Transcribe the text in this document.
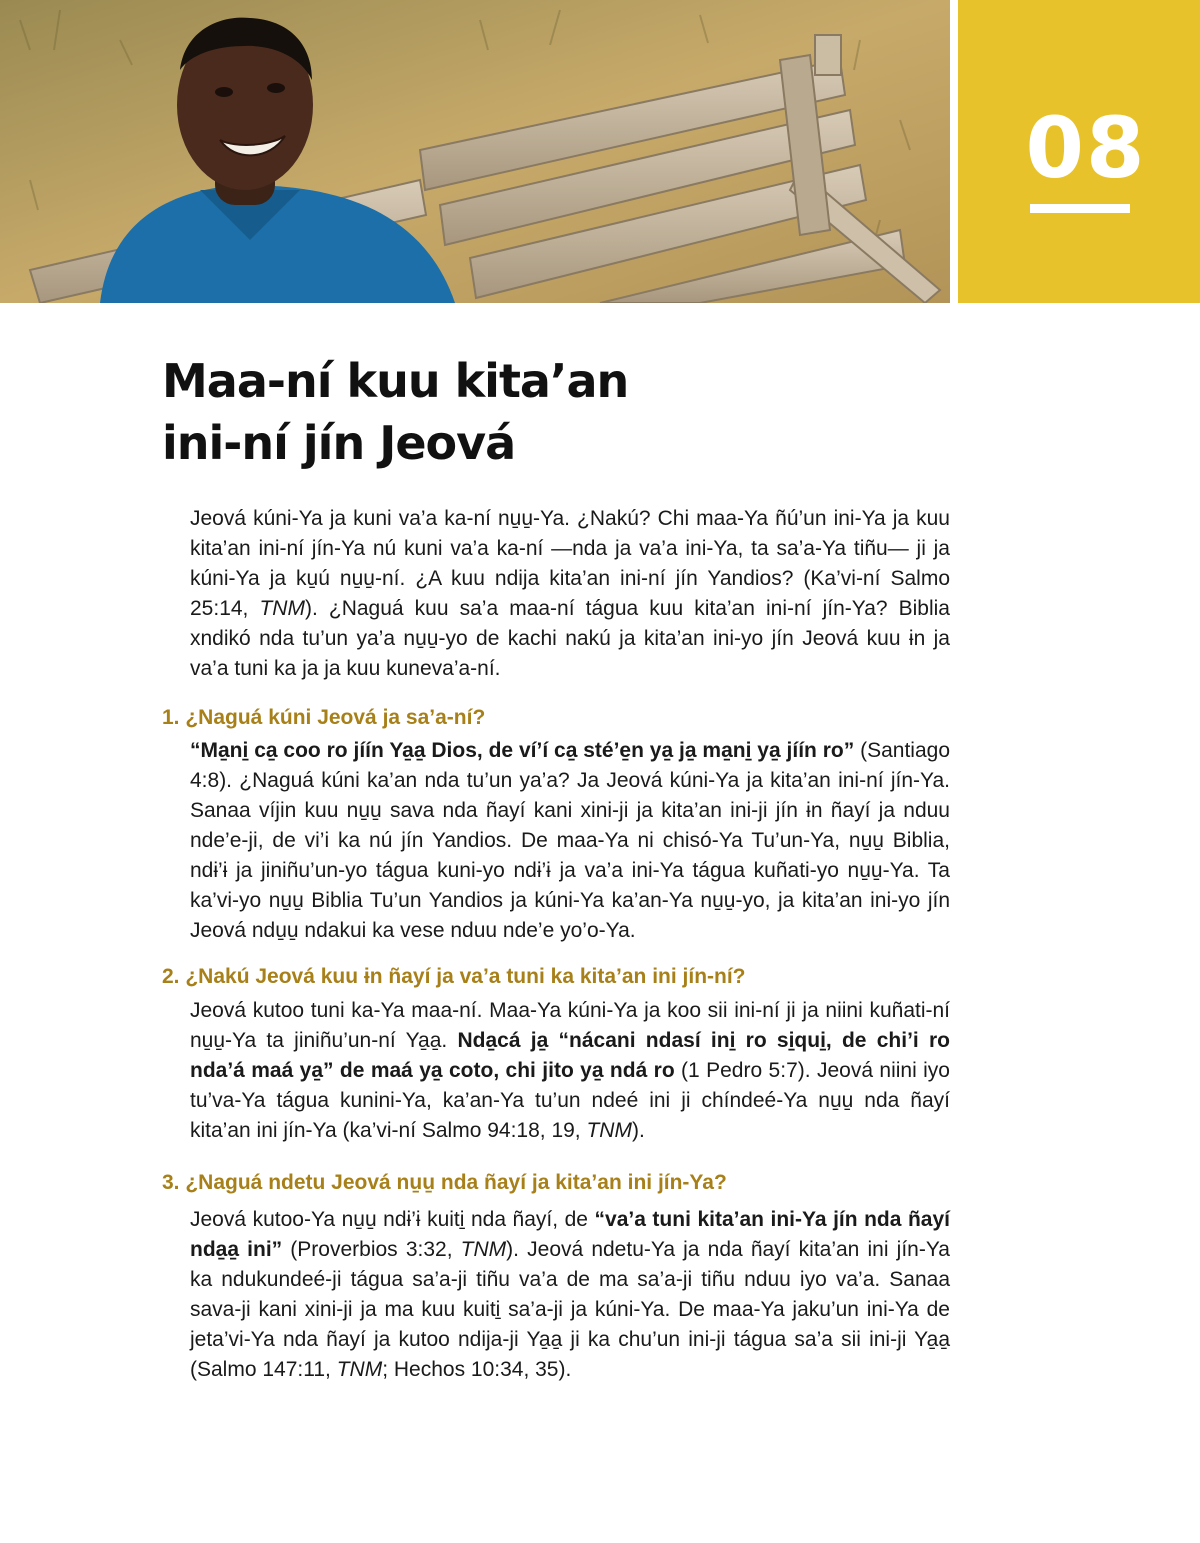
08
Maa-ní kuu kita’an
ini-ní jín Jeová

Jeová kúni-Ya ja kuni va’a ka-ní nu̱u̱-Ya. ¿Nakú? Chi maa-Ya ñú’un ini-Ya ja kuu kita’an ini-ní jín-Ya nú kuni va’a ka-ní —nda ja va’a ini-Ya, ta sa’a-Ya tiñu— ji ja kúni-Ya ja ku̱ú nu̱u̱-ní. ¿A kuu ndija kita’an ini-ní jín Yandios? (Ka’vi-ní Salmo 25:14, TNM). ¿Naguá kuu sa’a maa-ní tágua kuu kita’an ini-ní jín-Ya? Biblia xndikó nda tu’un ya’a nu̱u̱-yo de kachi nakú ja kita’an ini-yo jín Jeová kuu ɨn ja va’a tuni ka ja ja kuu kuneva’a-ní.

1. ¿Naguá kúni Jeová ja sa’a-ní?

“Ma̱ni̱ ca̱ coo ro jíín Ya̱a̱ Dios, de ví’í ca̱ sté’e̱n ya̱ ja̱ ma̱ni̱ ya̱ jíín ro” (Santiago 4:8). ¿Naguá kúni ka’an nda tu’un ya’a? Ja Jeová kúni-Ya ja kita’an ini-ní jín-Ya. Sanaa víjin kuu nu̱u̱ sava nda ñayí kani xini-ji ja kita’an ini-ji jín ɨn ñayí ja nduu nde’e-ji, de vi’i ka nú jín Yandios. De maa-Ya ni chisó-Ya Tu’un-Ya, nu̱u̱ Biblia, ndɨ’ɨ ja jiniñu’un-yo tágua kuni-yo ndɨ’ɨ ja va’a ini-Ya tágua kuñati-yo nu̱u̱-Ya. Ta ka’vi-yo nu̱u̱ Biblia Tu’un Yandios ja kúni-Ya ka’an-Ya nu̱u̱-yo, ja kita’an ini-yo jín Jeová ndu̱u̱ ndakui ka vese nduu nde’e yo’o-Ya.

2. ¿Nakú Jeová kuu ɨn ñayí ja va’a tuni ka kita’an ini jín-ní?

Jeová kutoo tuni ka-Ya maa-ní. Maa-Ya kúni-Ya ja koo sii ini-ní ji ja niini kuñati-ní nu̱u̱-Ya ta jiniñu’un-ní Ya̱a̱. Nda̱cá ja̱ “nácani ndasí ini̱ ro si̱qui̱, de chi’i ro nda’á maá ya̱” de maá ya̱ coto, chi jito ya̱ ndá ro (1 Pedro 5:7). Jeová niini iyo tu’va-Ya tágua kunini-Ya, ka’an-Ya tu’un ndeé ini ji chíndeé-Ya nu̱u̱ nda ñayí kita’an ini jín-Ya (ka’vi-ní Salmo 94:18, 19, TNM).

3. ¿Naguá ndetu Jeová nu̱u̱ nda ñayí ja kita’an ini jín-Ya?

Jeová kutoo-Ya nu̱u̱ ndɨ’ɨ kuiti̱ nda ñayí, de “va’a tuni kita’an ini-Ya jín nda ñayí nda̱a̱ ini” (Proverbios 3:32, TNM). Jeová ndetu-Ya ja nda ñayí kita’an ini jín-Ya ka ndukundeé-ji tágua sa’a-ji tiñu va’a de ma sa’a-ji tiñu nduu iyo va’a. Sanaa sava-ji kani xini-ji ja ma kuu kuiti̱ sa’a-ji ja kúni-Ya. De maa-Ya jaku’un ini-Ya de jeta’vi-Ya nda ñayí ja kutoo ndija-ji Ya̱a̱ ji ka chu’un ini-ji tágua sa’a sii ini-ji Ya̱a̱ (Salmo 147:11, TNM; Hechos 10:34, 35).
